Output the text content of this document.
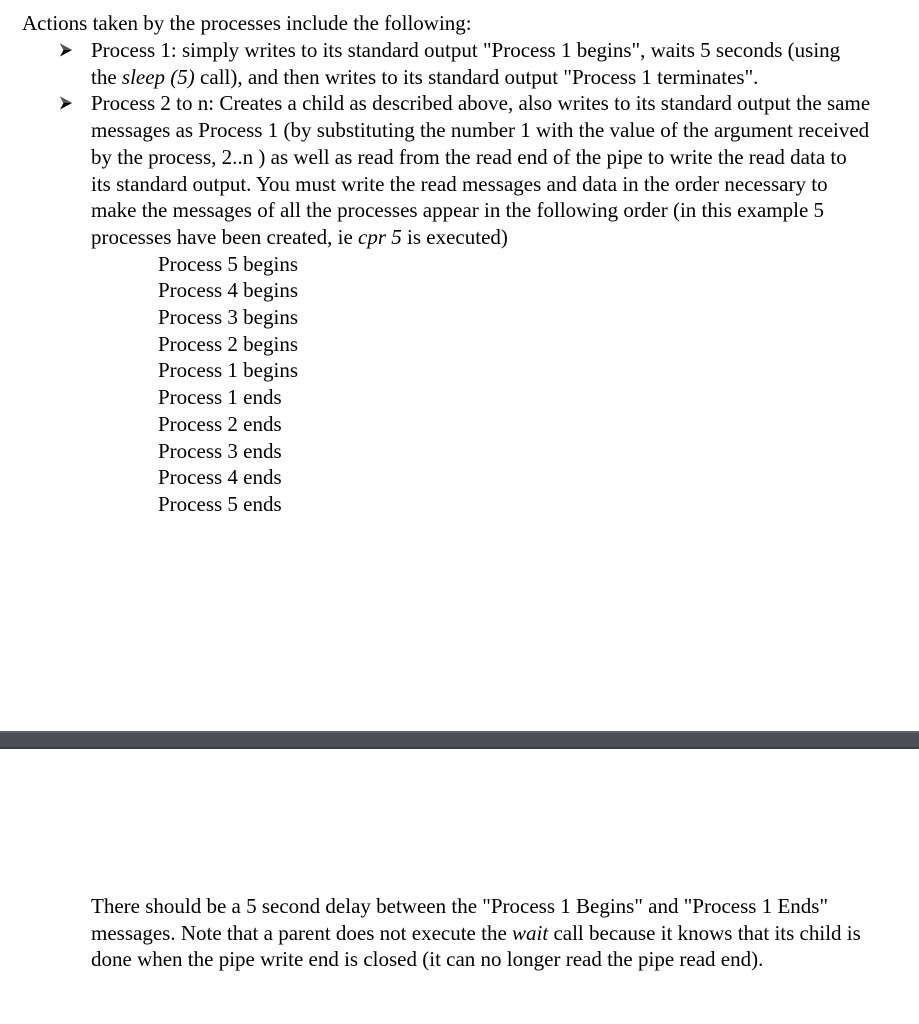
Actions taken by the processes include the following:

Process 1: simply writes to its standard output "Process 1 begins", waits 5 seconds (using the sleep (5) call), and then writes to its standard output "Process 1 terminates".
Process 2 to n: Creates a child as described above, also writes to its standard output the same messages as Process 1 (by substituting the number 1 with the value of the argument received by the process, 2..n ) as well as read from the read end of the pipe to write the read data to its standard output. You must write the read messages and data in the order necessary to make the messages of all the processes appear in the following order (in this example 5 processes have been created, ie cpr 5 is executed)
Process 5 begins
Process 4 begins
Process 3 begins
Process 2 begins
Process 1 begins
Process 1 ends
Process 2 ends
Process 3 ends
Process 4 ends
Process 5 ends

There should be a 5 second delay between the "Process 1 Begins" and "Process 1 Ends" messages. Note that a parent does not execute the wait call because it knows that its child is done when the pipe write end is closed (it can no longer read the pipe read end).
